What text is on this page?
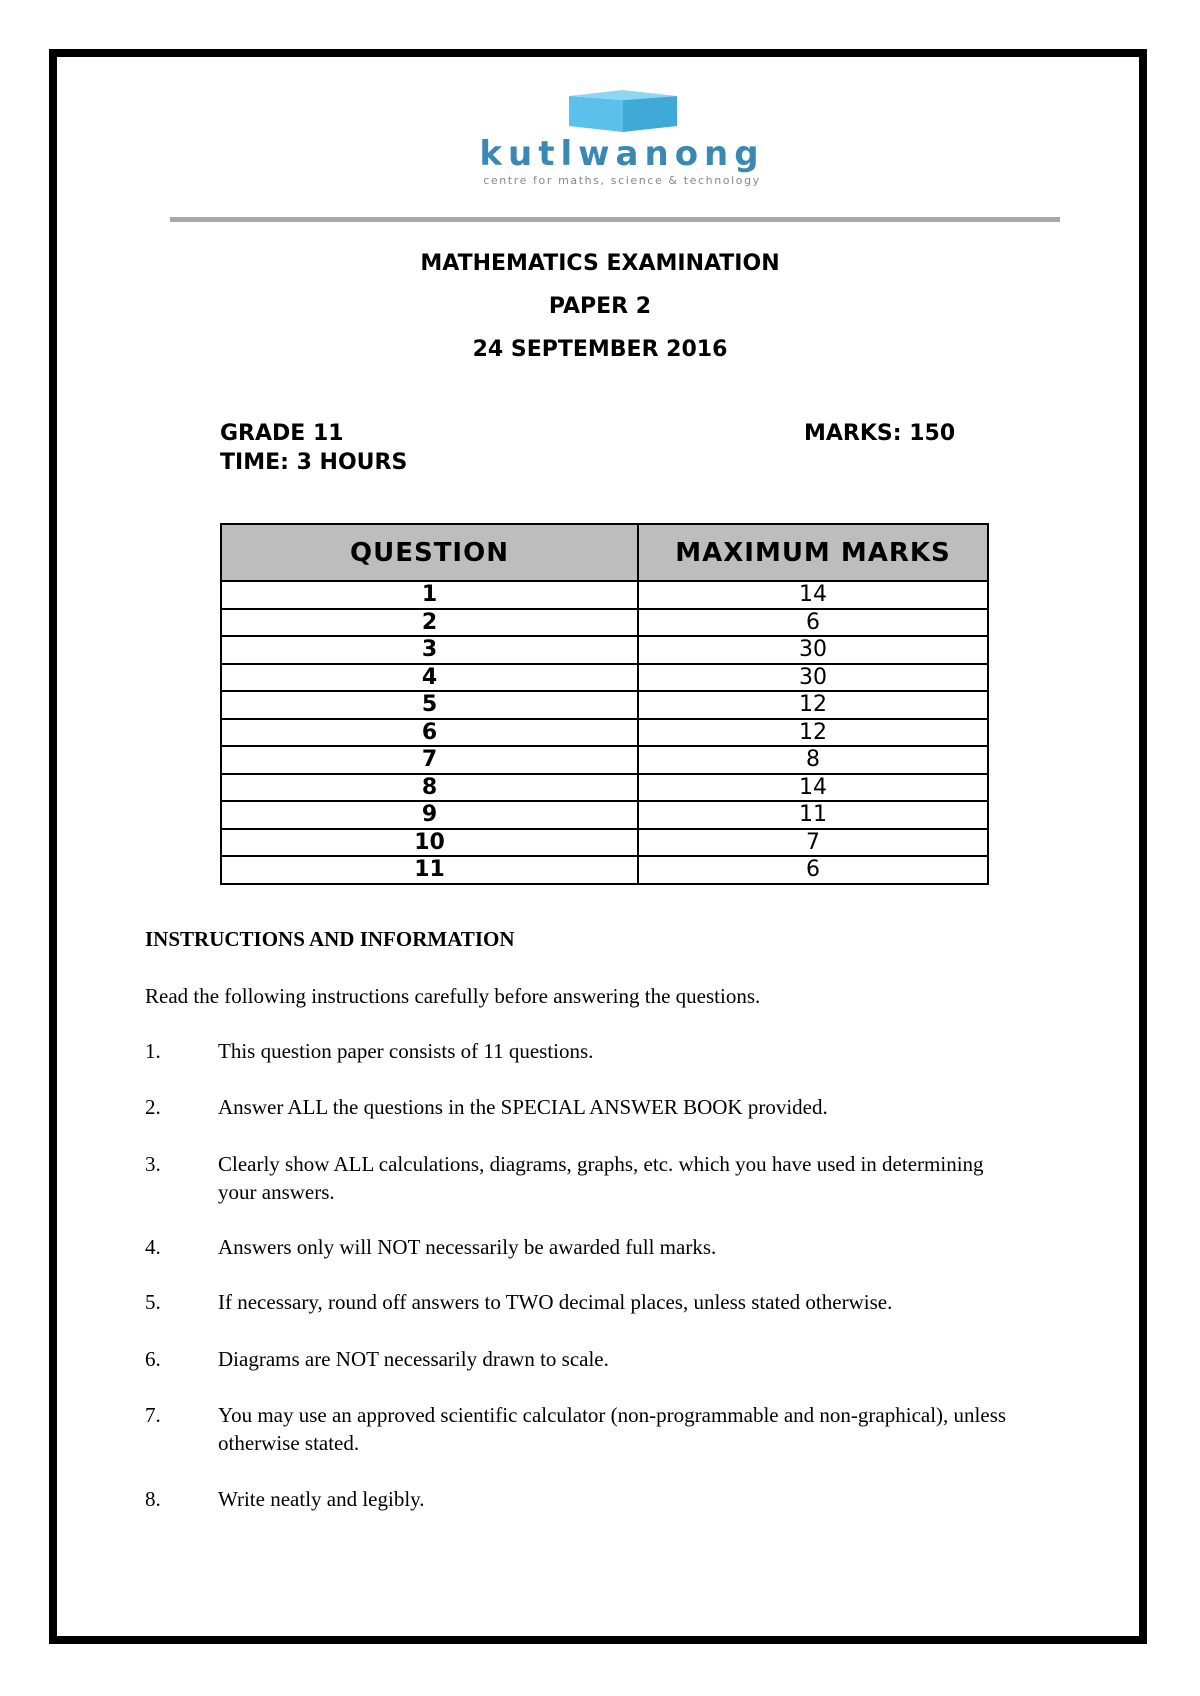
kutlwanong
centre for maths, science & technology
MATHEMATICS EXAMINATION
PAPER 2
24 SEPTEMBER 2016
GRADE 11	MARKS: 150
TIME: 3 HOURS
QUESTION	MAXIMUM MARKS
1	14
2	6
3	30
4	30
5	12
6	12
7	8
8	14
9	11
10	7
11	6
INSTRUCTIONS AND INFORMATION
Read the following instructions carefully before answering the questions.
1.	This question paper consists of 11 questions.
2.	Answer ALL the questions in the SPECIAL ANSWER BOOK provided.
3.	Clearly show ALL calculations, diagrams, graphs, etc. which you have used in determining your answers.
4.	Answers only will NOT necessarily be awarded full marks.
5.	If necessary, round off answers to TWO decimal places, unless stated otherwise.
6.	Diagrams are NOT necessarily drawn to scale.
7.	You may use an approved scientific calculator (non-programmable and non-graphical), unless otherwise stated.
8.	Write neatly and legibly.
